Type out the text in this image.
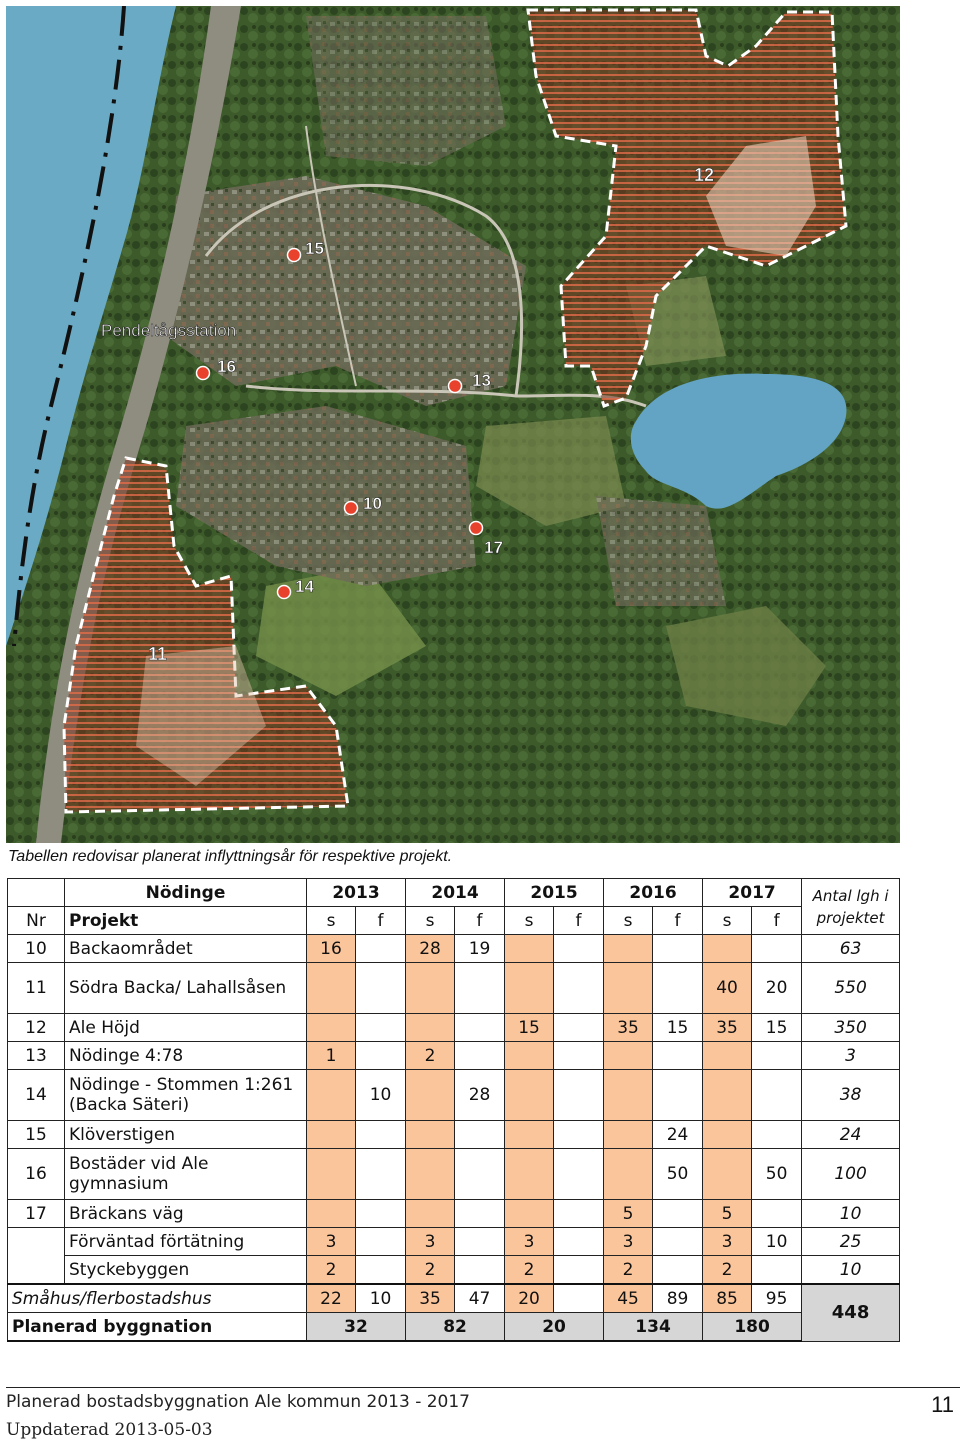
Pendeltågsstation
15
16
13
10
17
14
12
11
Tabellen redovisar planerat inflyttningsår för respektive projekt.
	Nödinge	2013		2014		2015		2016		2017		Antal lgh i projektet
Nr	Projekt	s	f	s	f	s	f	s	f	s	f	
10	Backaområdet	16		28	19							63
11	Södra Backa/ Lahallsåsen									40	20	550
12	Ale Höjd					15		35	15	35	15	350
13	Nödinge 4:78	1		2								3
14	Nödinge - Stommen 1:261 (Backa Säteri)		10		28							38
15	Klöverstigen								24			24
16	Bostäder vid Ale gymnasium								50		50	100
17	Bräckans väg							5		5		10
	Förväntad förtätning	3		3		3		3		3	10	25
	Styckebyggen	2		2		2		2		2		10
Småhus/flerbostadshus		22	10	35	47	20		45	89	85	95	448
Planerad byggnation		32		82		20		134		180		
Planerad bostadsbyggnation Ale kommun 2013 - 2017
Uppdaterad 2013-05-03
11
